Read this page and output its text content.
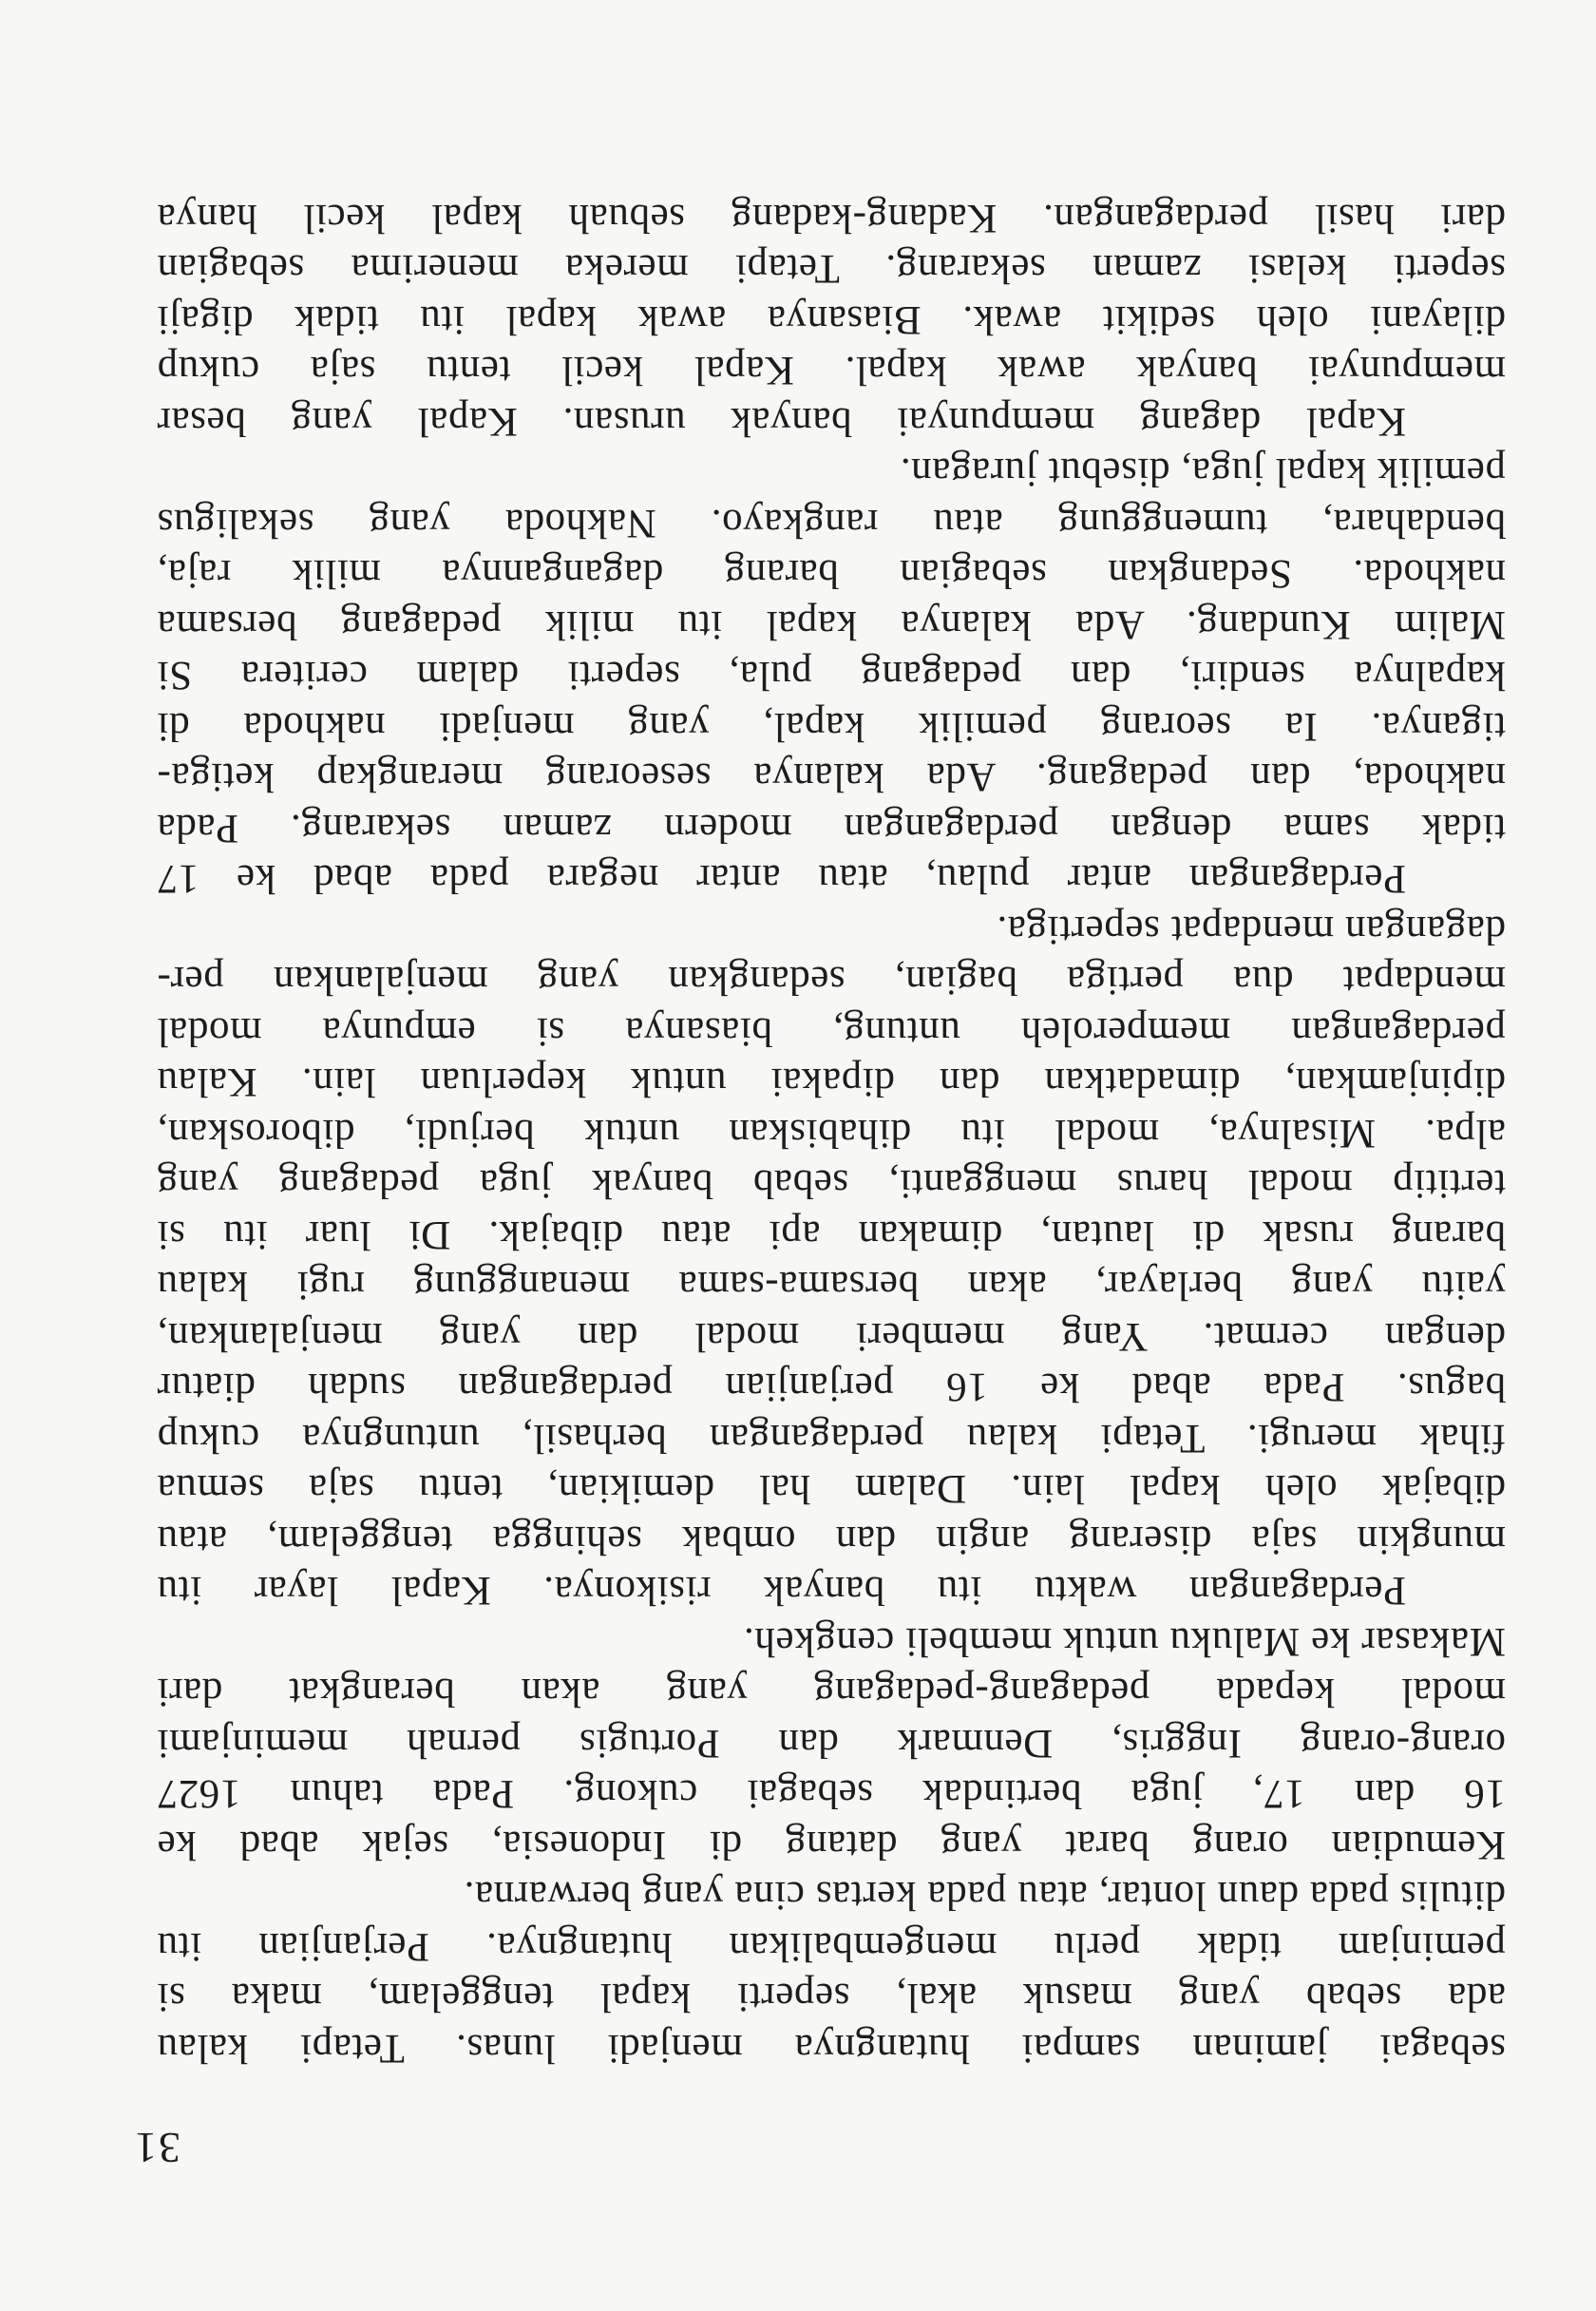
sebagai jaminan sampai hutangnya menjadi lunas. Tetapi kalau
ada sebab yang masuk akal, seperti kapal tenggelam, maka si
peminjam tidak perlu mengembalikan hutangnya. Perjanjian itu
ditulis pada daun lontar, atau pada kertas cina yang berwarna.
Kemudian orang barat yang datang di Indonesia, sejak abad ke
16 dan 17, juga bertindak sebagai cukong. Pada tahun 1627
orang-orang Inggris, Denmark dan Portugis pernah meminjami
modal kepada pedagang-pedagang yang akan berangkat dari
Makasar ke Maluku untuk membeli cengkeh.
Perdagangan waktu itu banyak risikonya. Kapal layar itu
mungkin saja diserang angin dan ombak sehingga tenggelam, atau
dibajak oleh kapal lain. Dalam hal demikian, tentu saja semua
fihak merugi. Tetapi kalau perdagangan berhasil, untungnya cukup
bagus. Pada abad ke 16 perjanjian perdagangan sudah diatur
dengan cermat. Yang memberi modal dan yang menjalankan,
yaitu yang berlayar, akan bersama-sama menanggung rugi kalau
barang rusak di lautan, dimakan api atau dibajak. Di luar itu si
tertitip modal harus mengganti, sebab banyak juga pedagang yang
alpa. Misalnya, modal itu dihabiskan untuk berjudi, diboroskan,
dipinjamkan, dimadatkan dan dipakai untuk keperluan lain. Kalau
perdagangan memperoleh untung, biasanya si empunya modal
mendapat dua pertiga bagian, sedangkan yang menjalankan per-
dagangan mendapat sepertiga.
Perdagangan antar pulau, atau antar negara pada abad ke 17
tidak sama dengan perdagangan modern zaman sekarang. Pada
nakhoda, dan pedagang. Ada kalanya seseorang merangkap ketiga-
tiganya. Ia seorang pemilik kapal, yang menjadi nakhoda di
kapalnya sendiri, dan pedagang pula, seperti dalam ceritera Si
Malim Kundang. Ada kalanya kapal itu milik pedagang bersama
nakhoda. Sedangkan sebagian barang dagangannya milik raja,
bendahara, tumenggung atau rangkayo. Nakhoda yang sekaligus
pemilik kapal juga, disebut juragan.
Kapal dagang mempunyai banyak urusan. Kapal yang besar
mempunyai banyak awak kapal. Kapal kecil tentu saja cukup
dilayani oleh sedikit awak. Biasanya awak kapal itu tidak digaji
seperti kelasi zaman sekarang. Tetapi mereka menerima sebagian
dari hasil perdagangan. Kadang-kadang sebuah kapal kecil hanya
31
